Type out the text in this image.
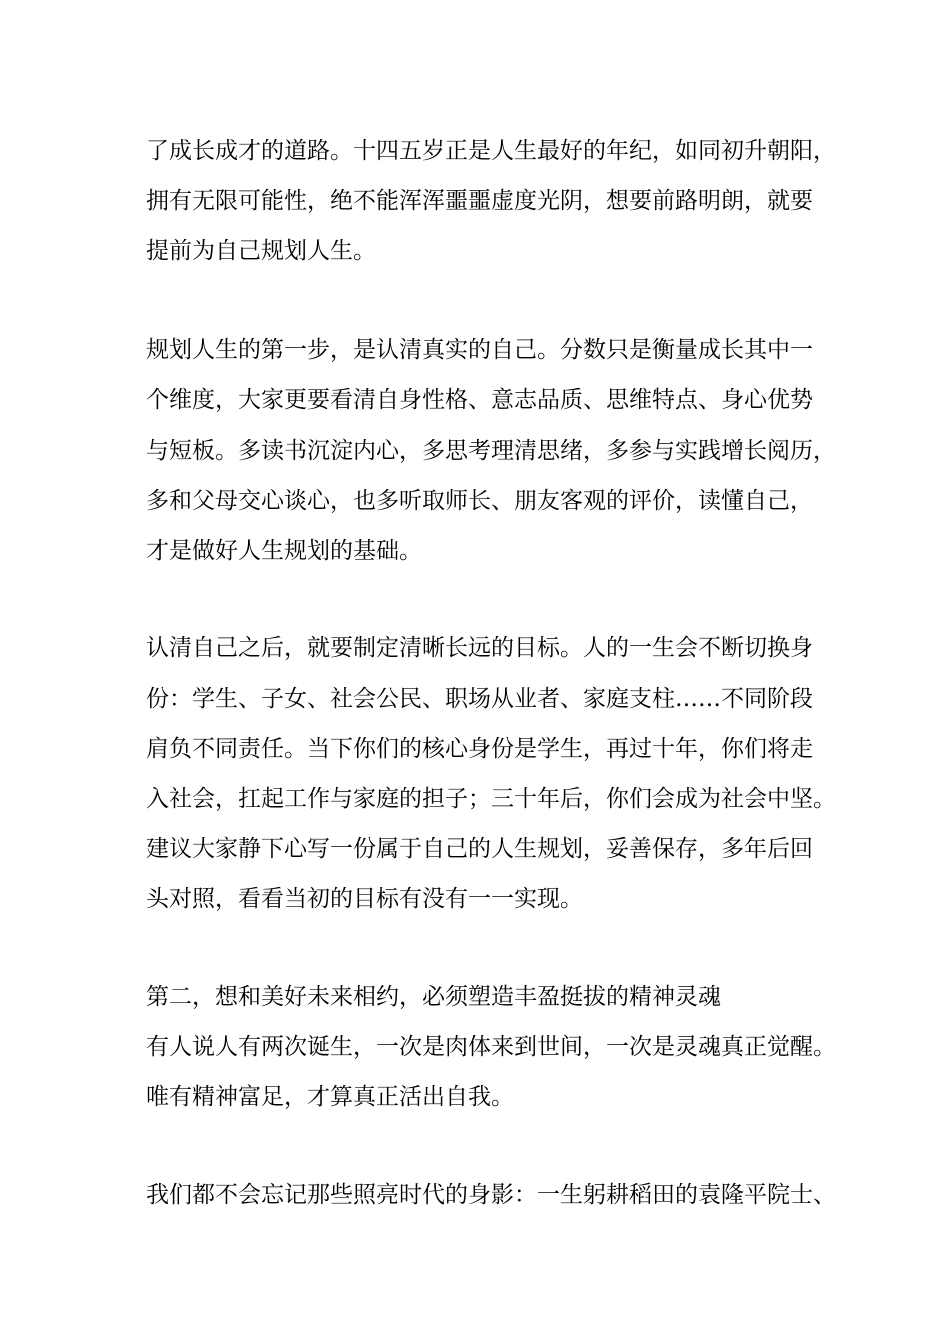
了成长成才的道路。十四五岁正是人生最好的年纪，如同初升朝阳，
拥有无限可能性，绝不能浑浑噩噩虚度光阴，想要前路明朗，就要
提前为自己规划人生。
规划人生的第一步，是认清真实的自己。分数只是衡量成长其中一
个维度，大家更要看清自身性格、意志品质、思维特点、身心优势
与短板。多读书沉淀内心，多思考理清思绪，多参与实践增长阅历，
多和父母交心谈心，也多听取师长、朋友客观的评价，读懂自己，
才是做好人生规划的基础。
认清自己之后，就要制定清晰长远的目标。人的一生会不断切换身
份：学生、子女、社会公民、职场从业者、家庭支柱……不同阶段
肩负不同责任。当下你们的核心身份是学生，再过十年，你们将走
入社会，扛起工作与家庭的担子；三十年后，你们会成为社会中坚。
建议大家静下心写一份属于自己的人生规划，妥善保存，多年后回
头对照，看看当初的目标有没有一一实现。
第二，想和美好未来相约，必须塑造丰盈挺拔的精神灵魂
有人说人有两次诞生，一次是肉体来到世间，一次是灵魂真正觉醒。
唯有精神富足，才算真正活出自我。
我们都不会忘记那些照亮时代的身影：一生躬耕稻田的袁隆平院士、
